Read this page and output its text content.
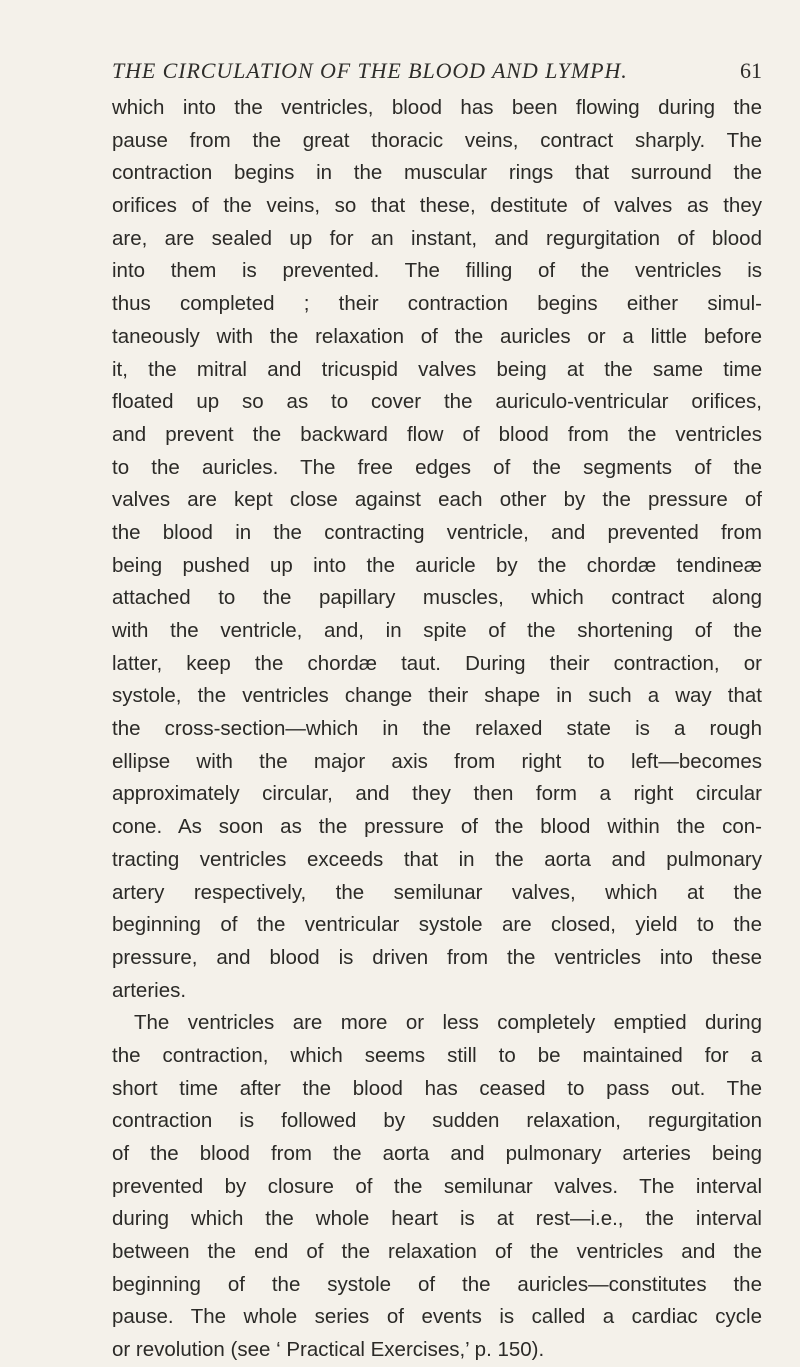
THE CIRCULATION OF THE BLOOD AND LYMPH.	61
which into the ventricles, blood has been flowing during the
pause from the great thoracic veins, contract sharply. The
contraction begins in the muscular rings that surround the
orifices of the veins, so that these, destitute of valves as they
are, are sealed up for an instant, and regurgitation of blood
into them is prevented. The filling of the ventricles is
thus completed ; their contraction begins either simul-
taneously with the relaxation of the auricles or a little before
it, the mitral and tricuspid valves being at the same time
floated up so as to cover the auriculo-ventricular orifices,
and prevent the backward flow of blood from the ventricles
to the auricles. The free edges of the segments of the
valves are kept close against each other by the pressure of
the blood in the contracting ventricle, and prevented from
being pushed up into the auricle by the chordæ tendineæ
attached to the papillary muscles, which contract along
with the ventricle, and, in spite of the shortening of the
latter, keep the chordæ taut. During their contraction, or
systole, the ventricles change their shape in such a way that
the cross-section—which in the relaxed state is a rough
ellipse with the major axis from right to left—becomes
approximately circular, and they then form a right circular
cone. As soon as the pressure of the blood within the con-
tracting ventricles exceeds that in the aorta and pulmonary
artery respectively, the semilunar valves, which at the
beginning of the ventricular systole are closed, yield to the
pressure, and blood is driven from the ventricles into these
arteries.
The ventricles are more or less completely emptied during
the contraction, which seems still to be maintained for a
short time after the blood has ceased to pass out. The
contraction is followed by sudden relaxation, regurgitation
of the blood from the aorta and pulmonary arteries being
prevented by closure of the semilunar valves. The interval
during which the whole heart is at rest—i.e., the interval
between the end of the relaxation of the ventricles and the
beginning of the systole of the auricles—constitutes the
pause. The whole series of events is called a cardiac cycle
or revolution (see ‘ Practical Exercises,’ p. 150).
